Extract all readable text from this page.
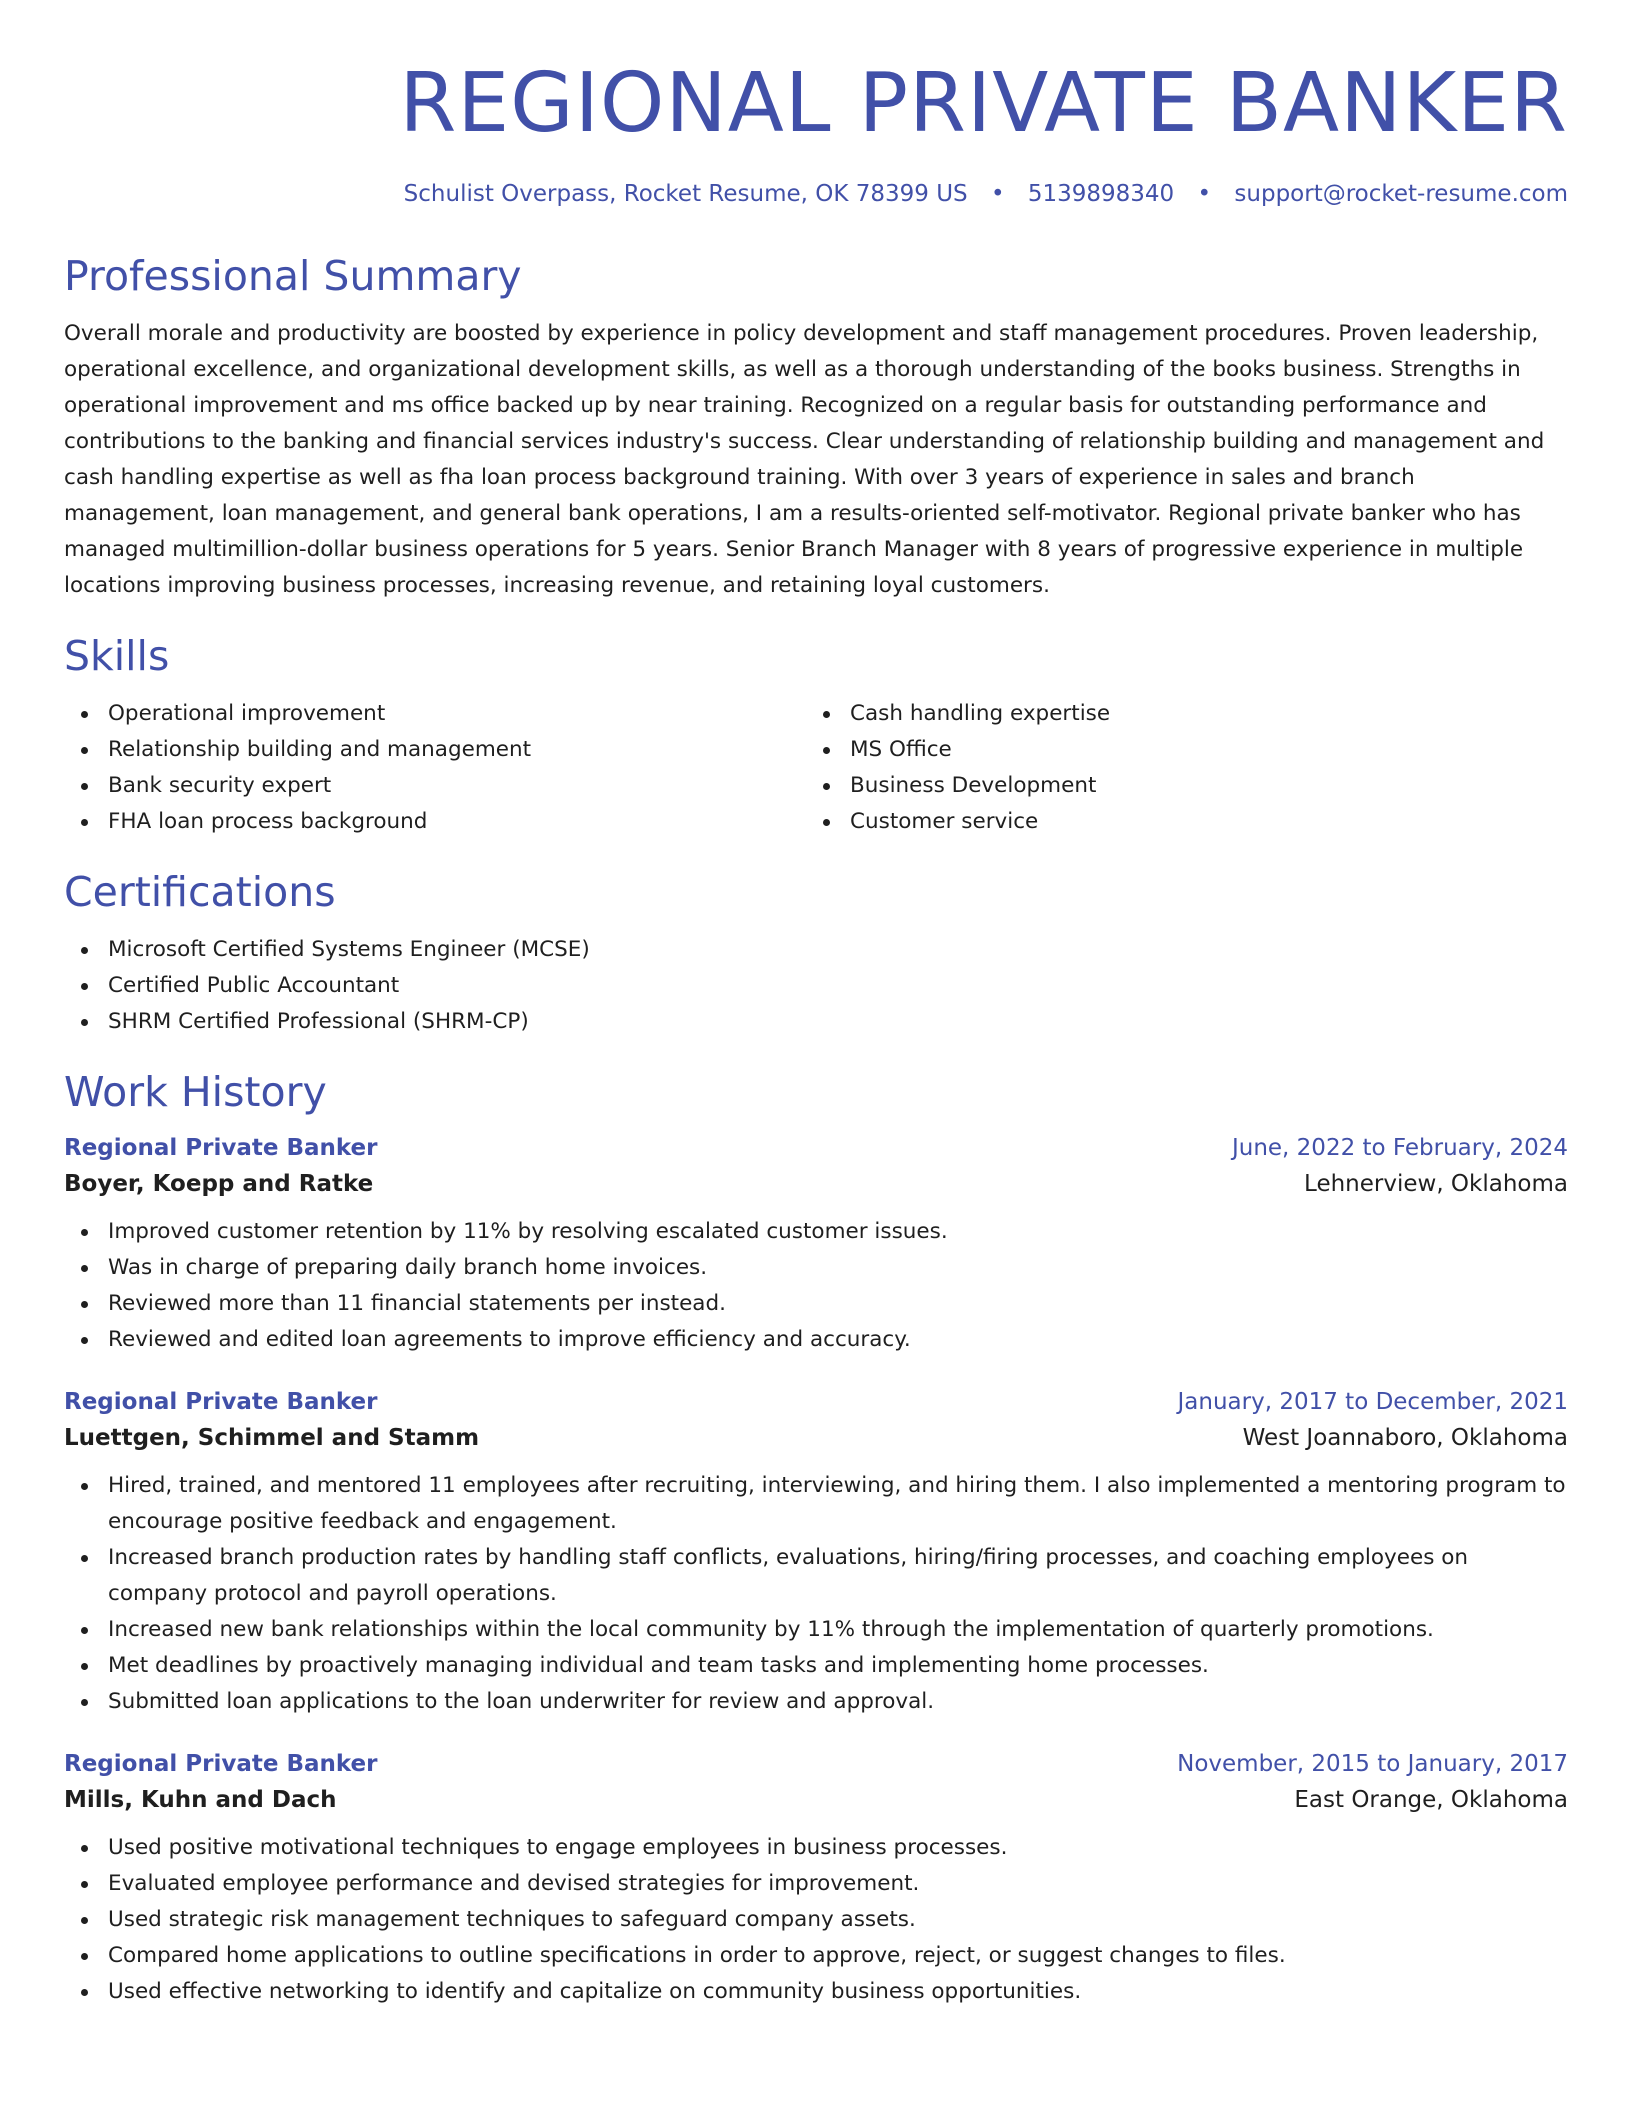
REGIONAL PRIVATE BANKER
Schulist Overpass, Rocket Resume, OK 78399 US • 5139898340 • support@rocket-resume.com
Professional Summary
Overall morale and productivity are boosted by experience in policy development and staff management procedures. Proven leadership, operational excellence, and organizational development skills, as well as a thorough understanding of the books business. Strengths in operational improvement and ms office backed up by near training. Recognized on a regular basis for outstanding performance and contributions to the banking and financial services industry's success. Clear understanding of relationship building and management and cash handling expertise as well as fha loan process background training. With over 3 years of experience in sales and branch management, loan management, and general bank operations, I am a results-oriented self-motivator. Regional private banker who has managed multimillion-dollar business operations for 5 years. Senior Branch Manager with 8 years of progressive experience in multiple locations improving business processes, increasing revenue, and retaining loyal customers.
Skills
Operational improvement
Relationship building and management
Bank security expert
FHA loan process background
Cash handling expertise
MS Office
Business Development
Customer service
Certifications
Microsoft Certified Systems Engineer (MCSE)
Certified Public Accountant
SHRM Certified Professional (SHRM-CP)
Work History
Regional Private Banker	June, 2022 to February, 2024
Boyer, Koepp and Ratke	Lehnerview, Oklahoma
Improved customer retention by 11% by resolving escalated customer issues.
Was in charge of preparing daily branch home invoices.
Reviewed more than 11 financial statements per instead.
Reviewed and edited loan agreements to improve efficiency and accuracy.
Regional Private Banker	January, 2017 to December, 2021
Luettgen, Schimmel and Stamm	West Joannaboro, Oklahoma
Hired, trained, and mentored 11 employees after recruiting, interviewing, and hiring them. I also implemented a mentoring program to encourage positive feedback and engagement.
Increased branch production rates by handling staff conflicts, evaluations, hiring/firing processes, and coaching employees on company protocol and payroll operations.
Increased new bank relationships within the local community by 11% through the implementation of quarterly promotions.
Met deadlines by proactively managing individual and team tasks and implementing home processes.
Submitted loan applications to the loan underwriter for review and approval.
Regional Private Banker	November, 2015 to January, 2017
Mills, Kuhn and Dach	East Orange, Oklahoma
Used positive motivational techniques to engage employees in business processes.
Evaluated employee performance and devised strategies for improvement.
Used strategic risk management techniques to safeguard company assets.
Compared home applications to outline specifications in order to approve, reject, or suggest changes to files.
Used effective networking to identify and capitalize on community business opportunities.
